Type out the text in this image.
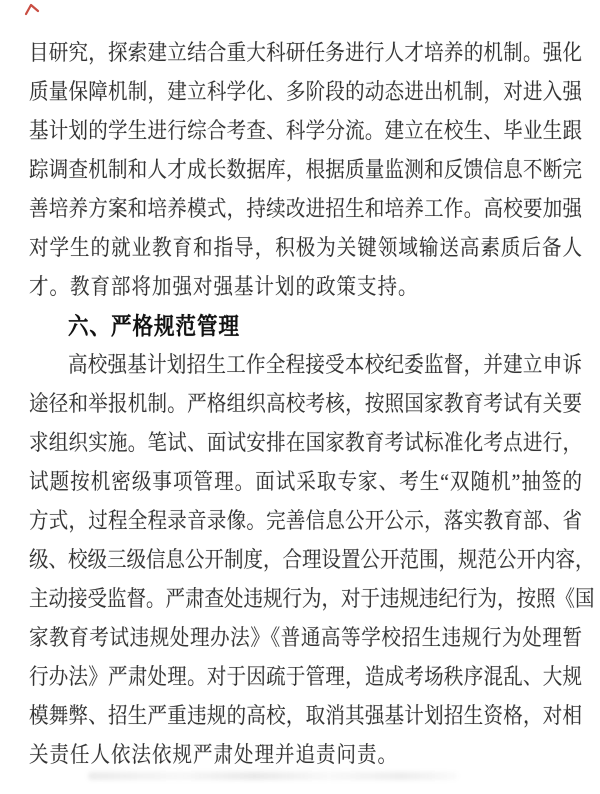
目研究，探索建立结合重大科研任务进行人才培养的机制。强化
质量保障机制，建立科学化、多阶段的动态进出机制，对进入强
基计划的学生进行综合考查、科学分流。建立在校生、毕业生跟
踪调查机制和人才成长数据库，根据质量监测和反馈信息不断完
善培养方案和培养模式，持续改进招生和培养工作。高校要加强
对学生的就业教育和指导，积极为关键领域输送高素质后备人
才。教育部将加强对强基计划的政策支持。
六、严格规范管理
高校强基计划招生工作全程接受本校纪委监督，并建立申诉
途径和举报机制。严格组织高校考核，按照国家教育考试有关要
求组织实施。笔试、面试安排在国家教育考试标准化考点进行，
试题按机密级事项管理。面试采取专家、考生“双随机”抽签的
方式，过程全程录音录像。完善信息公开公示，落实教育部、省
级、校级三级信息公开制度，合理设置公开范围，规范公开内容，
主动接受监督。严肃查处违规行为，对于违规违纪行为，按照《国
家教育考试违规处理办法》《普通高等学校招生违规行为处理暂
行办法》严肃处理。对于因疏于管理，造成考场秩序混乱、大规
模舞弊、招生严重违规的高校，取消其强基计划招生资格，对相
关责任人依法依规严肃处理并追责问责。
